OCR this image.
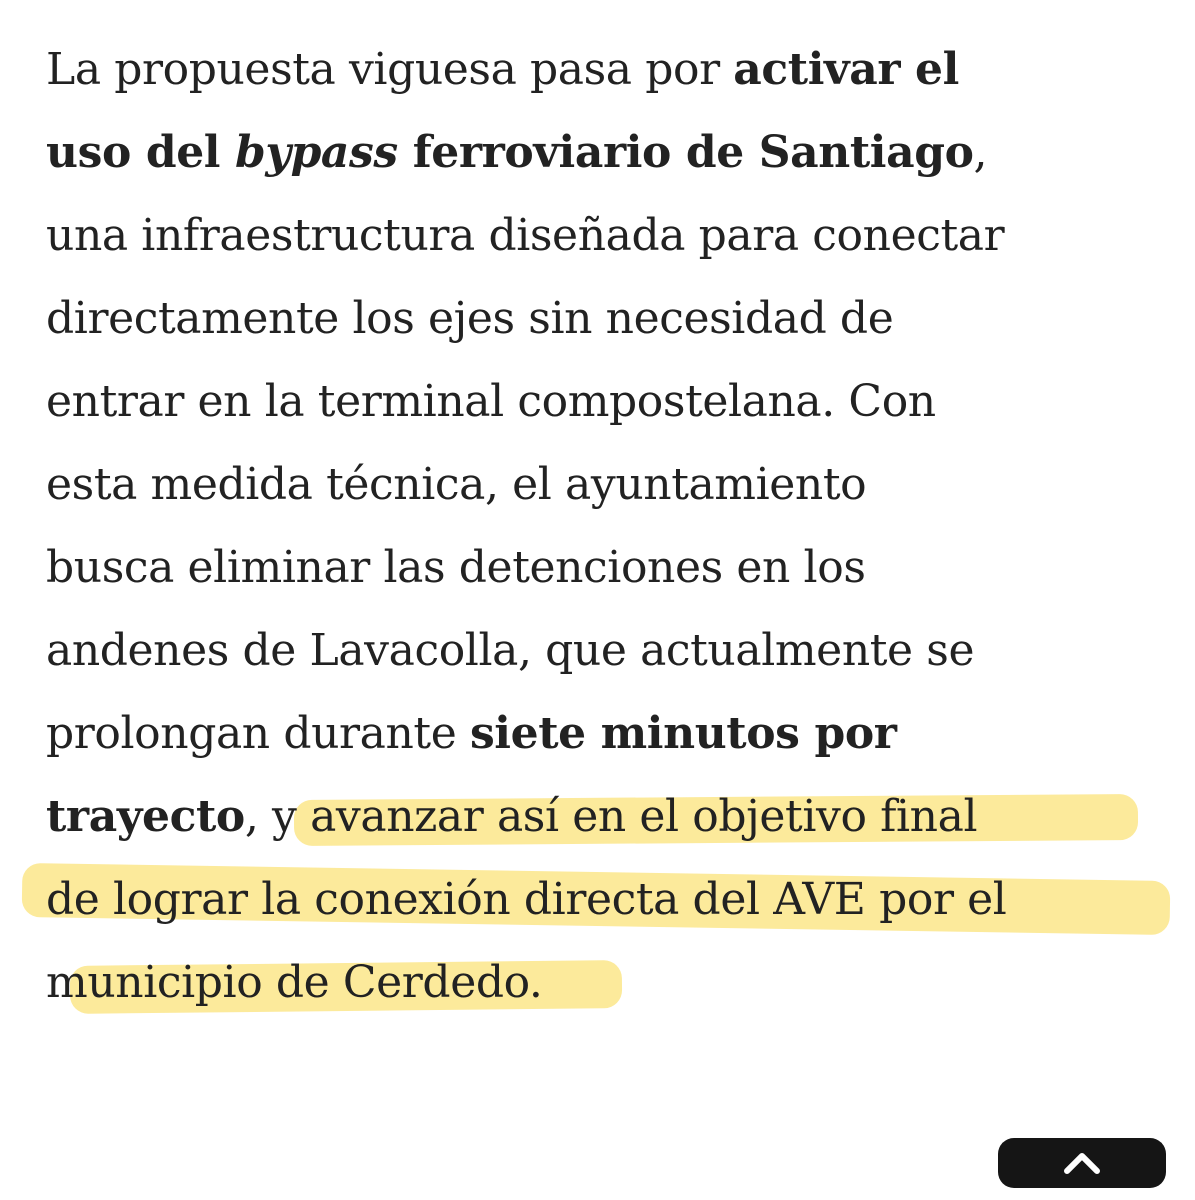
La propuesta viguesa pasa por activar el
uso del bypass ferroviario de Santiago,
una infraestructura diseñada para conectar
directamente los ejes sin necesidad de
entrar en la terminal compostelana. Con
esta medida técnica, el ayuntamiento
busca eliminar las detenciones en los
andenes de Lavacolla, que actualmente se
prolongan durante siete minutos por
trayecto, y avanzar así en el objetivo final
de lograr la conexión directa del AVE por el
municipio de Cerdedo.
